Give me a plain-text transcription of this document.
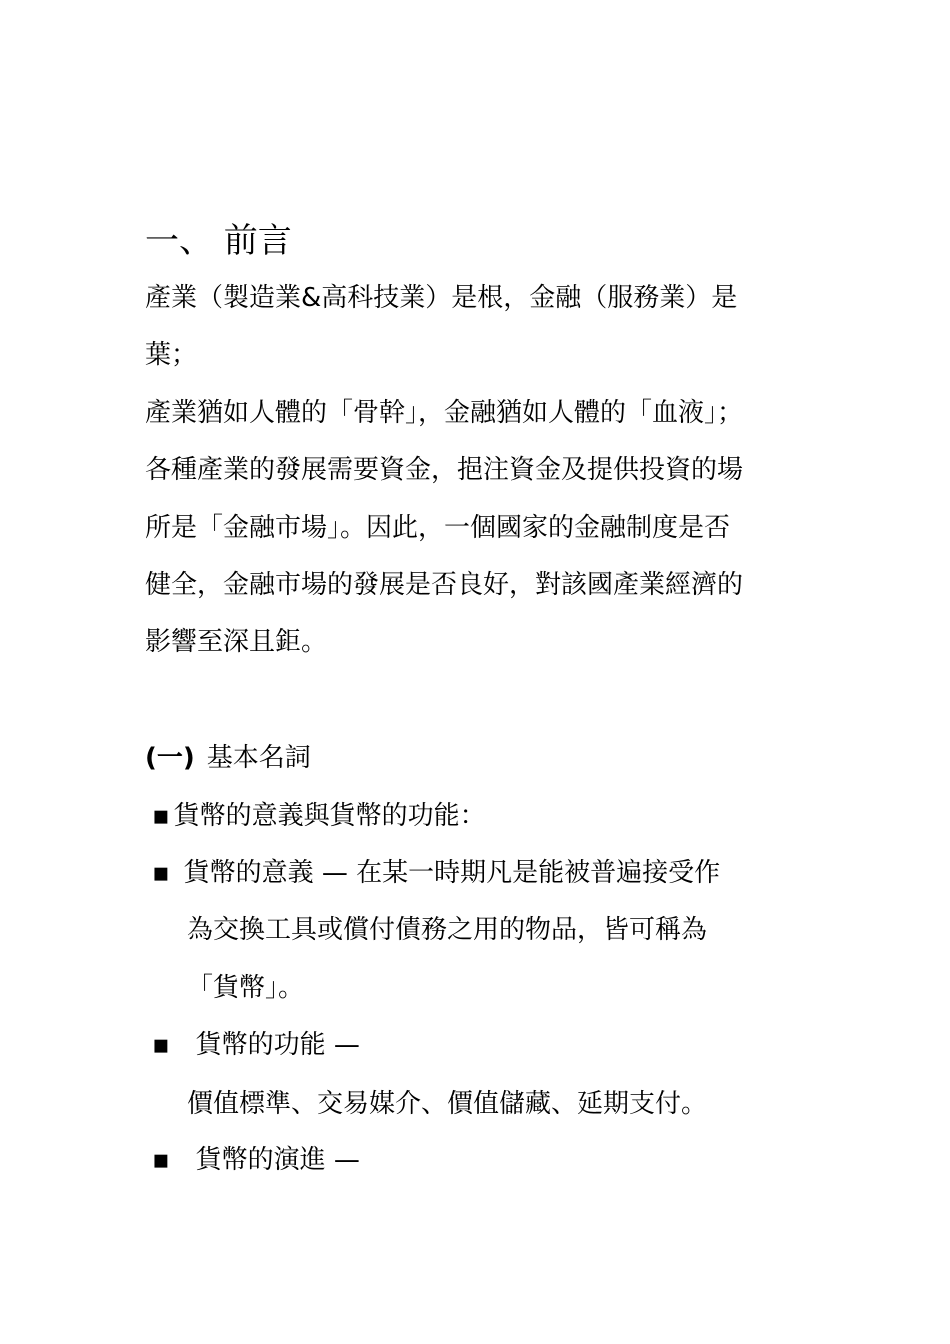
一、 前言
產業（製造業&高科技業）是根，金融（服務業）是
葉；
產業猶如人體的「骨幹」，金融猶如人體的「血液」；
各種產業的發展需要資金，挹注資金及提供投資的場
所是「金融市場」。因此，一個國家的金融制度是否
健全，金融市場的發展是否良好，對該國產業經濟的
影響至深且鉅。
(一) 基本名詞
▪ 貨幣的意義與貨幣的功能：
▪ 貨幣的意義 — 在某一時期凡是能被普遍接受作
為交換工具或償付債務之用的物品，皆可稱為
「貨幣」。
▪ 貨幣的功能 —
價值標準、交易媒介、價值儲藏、延期支付。
▪ 貨幣的演進 —
